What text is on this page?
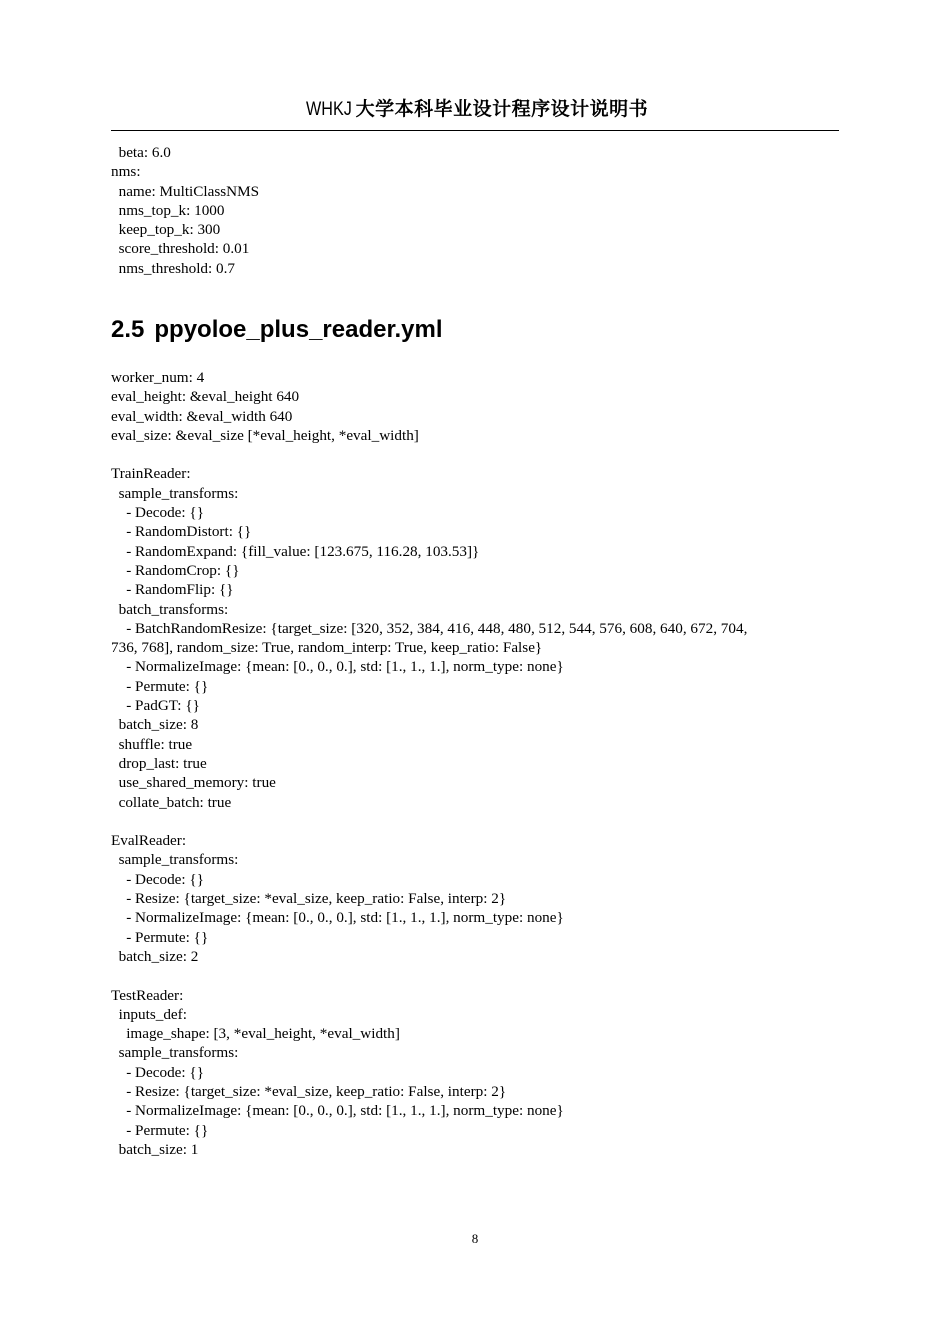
WHKJ 大学本科毕业设计程序设计说明书
beta: 6.0
nms:
name: MultiClassNMS
nms_top_k: 1000
keep_top_k: 300
score_threshold: 0.01
nms_threshold: 0.7
2.5 ppyoloe_plus_reader.yml
worker_num: 4
eval_height: &eval_height 640
eval_width: &eval_width 640
eval_size: &eval_size [*eval_height, *eval_width]

TrainReader:
sample_transforms:
- Decode: {}
- RandomDistort: {}
- RandomExpand: {fill_value: [123.675, 116.28, 103.53]}
- RandomCrop: {}
- RandomFlip: {}
batch_transforms:
- BatchRandomResize: {target_size: [320, 352, 384, 416, 448, 480, 512, 544, 576, 608, 640, 672, 704,
736, 768], random_size: True, random_interp: True, keep_ratio: False}
- NormalizeImage: {mean: [0., 0., 0.], std: [1., 1., 1.], norm_type: none}
- Permute: {}
- PadGT: {}
batch_size: 8
shuffle: true
drop_last: true
use_shared_memory: true
collate_batch: true

EvalReader:
sample_transforms:
- Decode: {}
- Resize: {target_size: *eval_size, keep_ratio: False, interp: 2}
- NormalizeImage: {mean: [0., 0., 0.], std: [1., 1., 1.], norm_type: none}
- Permute: {}
batch_size: 2

TestReader:
inputs_def:
image_shape: [3, *eval_height, *eval_width]
sample_transforms:
- Decode: {}
- Resize: {target_size: *eval_size, keep_ratio: False, interp: 2}
- NormalizeImage: {mean: [0., 0., 0.], std: [1., 1., 1.], norm_type: none}
- Permute: {}
batch_size: 1
8
